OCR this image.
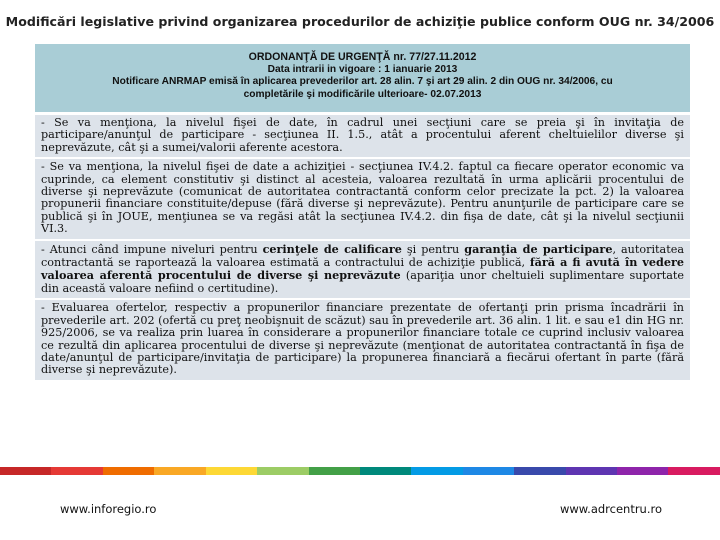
Modificări legislative privind organizarea procedurilor de achiziţie publice conform OUG nr. 34/2006
ORDONANŢĂ DE URGENŢĂ nr. 77/27.11.2012
Data intrarii in vigoare : 1 ianuarie 2013
Notificare ANRMAP emisă în aplicarea prevederilor art. 28 alin. 7 şi art 29 alin. 2 din OUG nr. 34/2006, cu
completările şi modificările ulterioare- 02.07.2013
- Se va menţiona, la nivelul fişei de date, în cadrul unei secţiuni care se preia şi în invitaţia de participare/anunţul de participare - secţiunea II. 1.5., atât a procentului aferent cheltuielilor diverse şi neprevăzute, cât şi a sumei/valorii aferente acestora.
- Se va menţiona, la nivelul fişei de date a achiziţiei - secţiunea IV.4.2. faptul ca fiecare operator economic va cuprinde, ca element constitutiv şi distinct al acesteia, valoarea rezultată în urma aplicării procentului de diverse şi neprevăzute (comunicat de autoritatea contractantă conform celor precizate la pct. 2) la valoarea propunerii financiare constituite/depuse (fără diverse şi neprevăzute). Pentru anunţurile de participare care se publică şi în JOUE, menţiunea se va regăsi atât la secţiunea IV.4.2. din fişa de date, cât şi la nivelul secţiunii VI.3.
- Atunci când impune niveluri pentru cerinţele de calificare şi pentru garanţia de participare, autoritatea contractantă se raportează la valoarea estimată a contractului de achiziţie publică, fără a fi avută în vedere valoarea aferentă procentului de diverse şi neprevăzute (apariţia unor cheltuieli suplimentare suportate din această valoare nefiind o certitudine).
- Evaluarea ofertelor, respectiv a propunerilor financiare prezentate de ofertanţi prin prisma încadrării în prevederile art. 202 (ofertă cu preţ neobişnuit de scăzut) sau în prevederile art. 36 alin. 1 lit. e sau e1 din HG nr. 925/2006, se va realiza prin luarea în considerare a propunerilor financiare totale ce cuprind inclusiv valoarea ce rezultă din aplicarea procentului de diverse şi neprevăzute (menţionat de autoritatea contractantă în fişa de date/anunţul de participare/invitaţia de participare) la propunerea financiară a fiecărui ofertant în parte (fără diverse şi neprevăzute).
www.inforegio.ro	www.adrcentru.ro
